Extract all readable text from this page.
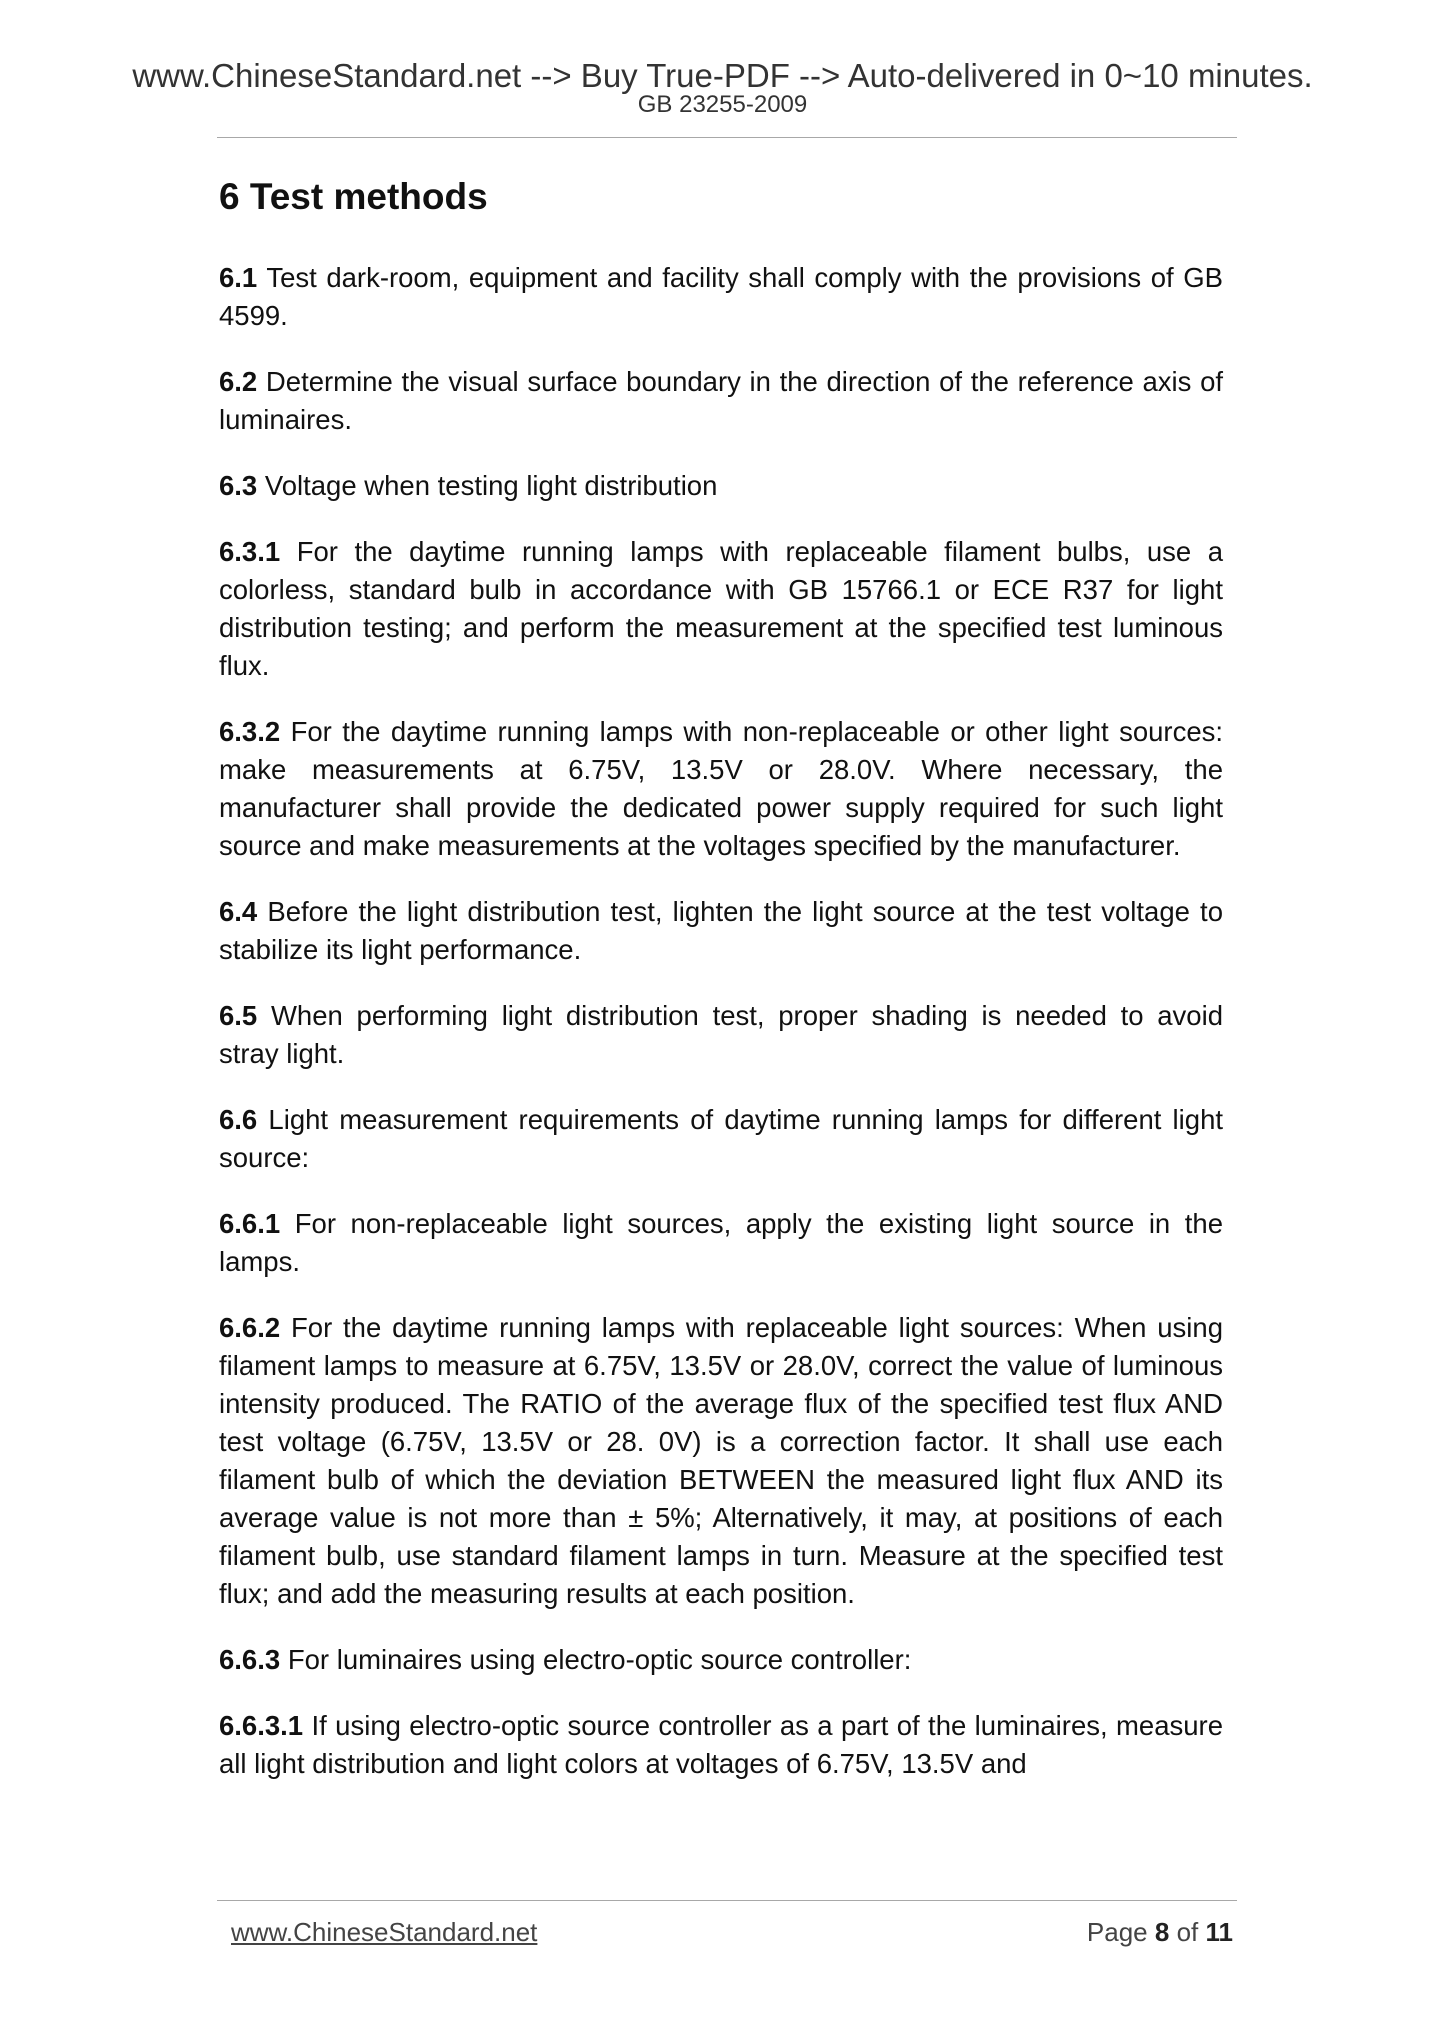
www.ChineseStandard.net --> Buy True-PDF --> Auto-delivered in 0~10 minutes.
GB 23255-2009
6 Test methods

6.1 Test dark-room, equipment and facility shall comply with the provisions of GB 4599.

6.2 Determine the visual surface boundary in the direction of the reference axis of luminaires.

6.3 Voltage when testing light distribution

6.3.1 For the daytime running lamps with replaceable filament bulbs, use a colorless, standard bulb in accordance with GB 15766.1 or ECE R37 for light distribution testing; and perform the measurement at the specified test luminous flux.

6.3.2 For the daytime running lamps with non-replaceable or other light sources: make measurements at 6.75V, 13.5V or 28.0V. Where necessary, the manufacturer shall provide the dedicated power supply required for such light source and make measurements at the voltages specified by the manufacturer.

6.4 Before the light distribution test, lighten the light source at the test voltage to stabilize its light performance.

6.5 When performing light distribution test, proper shading is needed to avoid stray light.

6.6 Light measurement requirements of daytime running lamps for different light source:

6.6.1 For non-replaceable light sources, apply the existing light source in the lamps.

6.6.2 For the daytime running lamps with replaceable light sources: When using filament lamps to measure at 6.75V, 13.5V or 28.0V, correct the value of luminous intensity produced. The RATIO of the average flux of the specified test flux AND test voltage (6.75V, 13.5V or 28. 0V) is a correction factor. It shall use each filament bulb of which the deviation BETWEEN the measured light flux AND its average value is not more than ± 5%; Alternatively, it may, at positions of each filament bulb, use standard filament lamps in turn. Measure at the specified test flux; and add the measuring results at each position.

6.6.3 For luminaires using electro-optic source controller:

6.6.3.1 If using electro-optic source controller as a part of the luminaires, measure all light distribution and light colors at voltages of 6.75V, 13.5V and

www.ChineseStandard.net	Page 8 of 11
